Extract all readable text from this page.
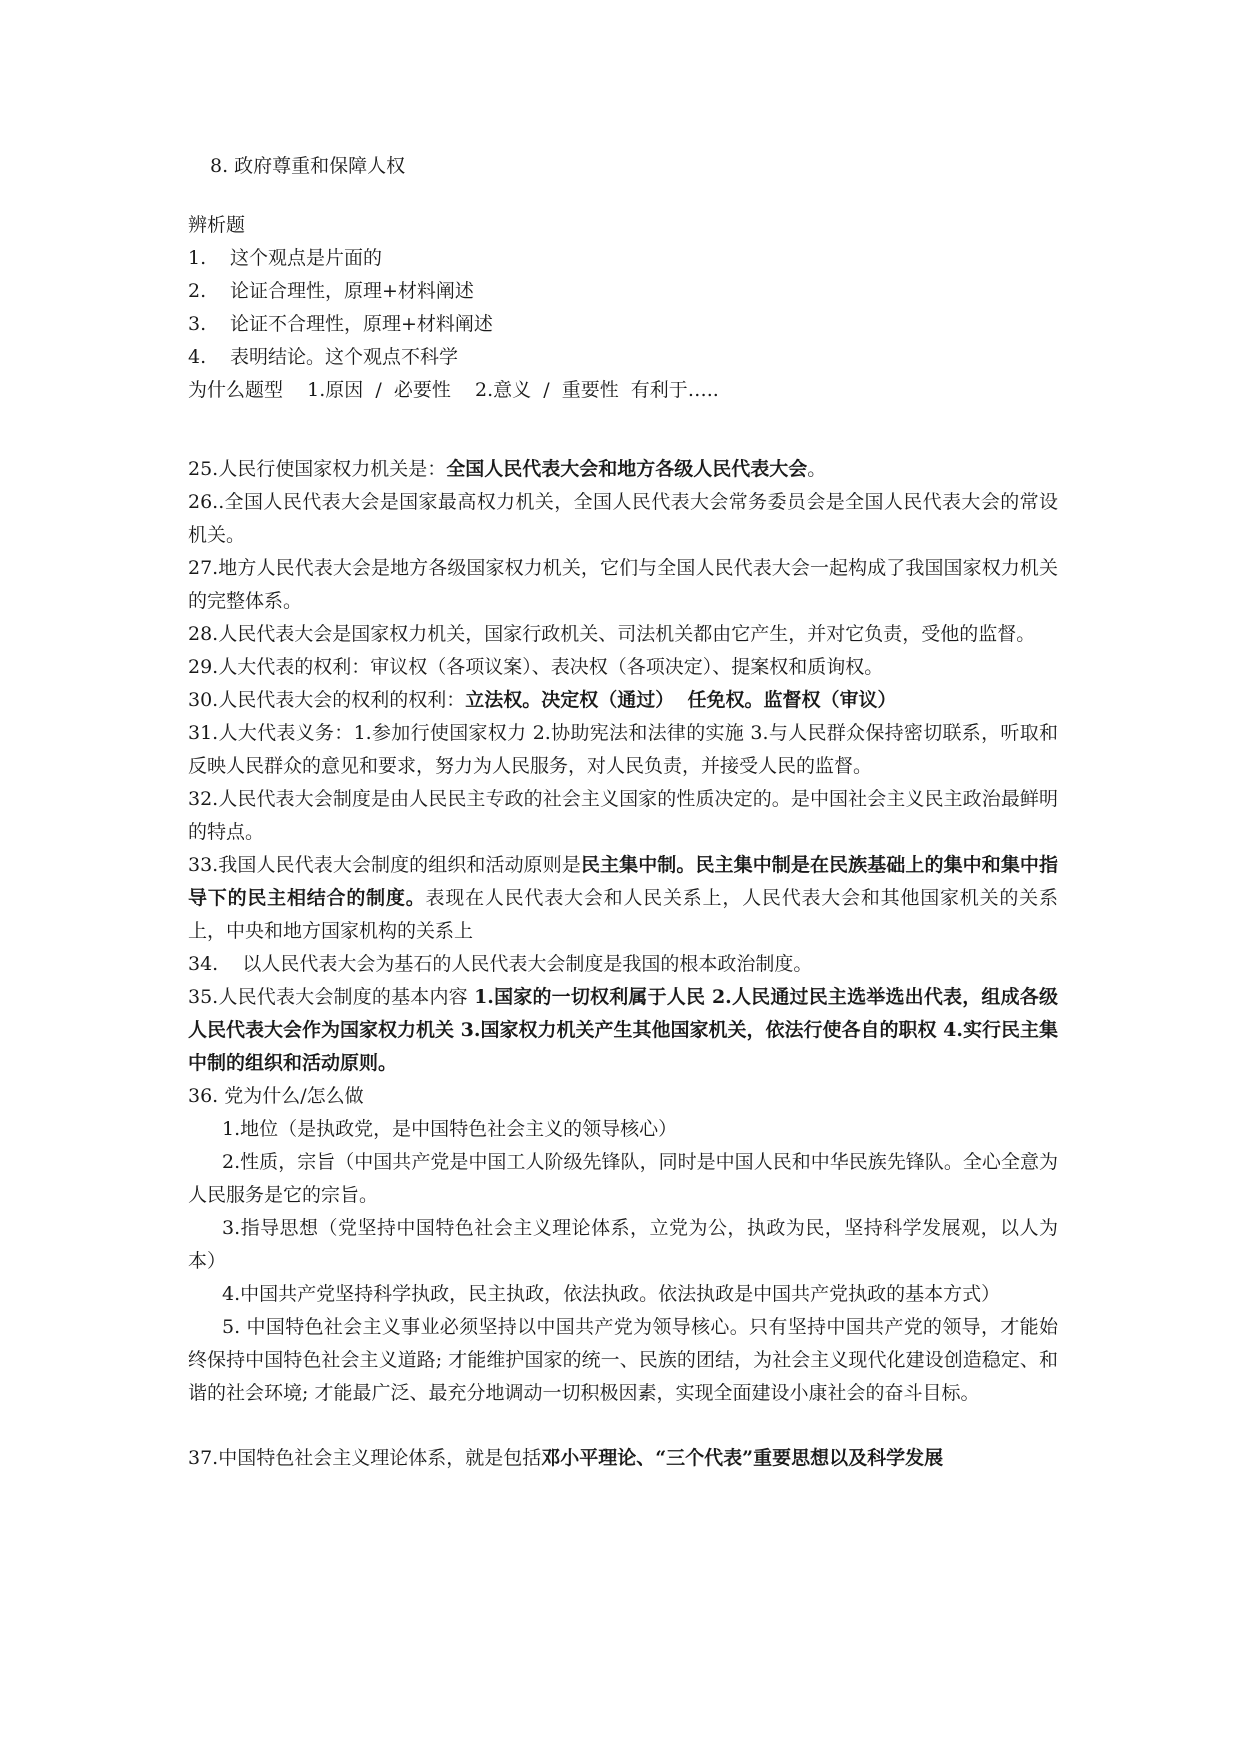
8. 政府尊重和保障人权
辨析题
1. 这个观点是片面的
2. 论证合理性，原理+材料阐述
3. 论证不合理性，原理+材料阐述
4. 表明结论。这个观点不科学
为什么题型    1.原因  /  必要性    2.意义  /  重要性  有利于…..
25.人民行使国家权力机关是：全国人民代表大会和地方各级人民代表大会。
26..全国人民代表大会是国家最高权力机关，全国人民代表大会常务委员会是全国人民代表大会的常设机关。
27.地方人民代表大会是地方各级国家权力机关，它们与全国人民代表大会一起构成了我国国家权力机关的完整体系。
28.人民代表大会是国家权力机关，国家行政机关、司法机关都由它产生，并对它负责，受他的监督。
29.人大代表的权利：审议权（各项议案）、表决权（各项决定）、提案权和质询权。
30.人民代表大会的权利的权利：立法权。决定权（通过）  任免权。监督权（审议）
31.人大代表义务：1.参加行使国家权力 2.协助宪法和法律的实施 3.与人民群众保持密切联系，听取和反映人民群众的意见和要求，努力为人民服务，对人民负责，并接受人民的监督。
32.人民代表大会制度是由人民民主专政的社会主义国家的性质决定的。是中国社会主义民主政治最鲜明的特点。
33.我国人民代表大会制度的组织和活动原则是民主集中制。民主集中制是在民族基础上的集中和集中指导下的民主相结合的制度。表现在人民代表大会和人民关系上，人民代表大会和其他国家机关的关系上，中央和地方国家机构的关系上
34.    以人民代表大会为基石的人民代表大会制度是我国的根本政治制度。
35.人民代表大会制度的基本内容 1.国家的一切权利属于人民 2.人民通过民主选举选出代表，组成各级人民代表大会作为国家权力机关 3.国家权力机关产生其他国家机关，依法行使各自的职权 4.实行民主集中制的组织和活动原则。
36. 党为什么/怎么做
1.地位（是执政党，是中国特色社会主义的领导核心）
2.性质，宗旨（中国共产党是中国工人阶级先锋队，同时是中国人民和中华民族先锋队。全心全意为人民服务是它的宗旨。
3.指导思想（党坚持中国特色社会主义理论体系，立党为公，执政为民，坚持科学发展观，以人为本）
4.中国共产党坚持科学执政，民主执政，依法执政。依法执政是中国共产党执政的基本方式）
5. 中国特色社会主义事业必须坚持以中国共产党为领导核心。只有坚持中国共产党的领导，才能始终保持中国特色社会主义道路; 才能维护国家的统一、民族的团结，为社会主义现代化建设创造稳定、和谐的社会环境; 才能最广泛、最充分地调动一切积极因素，实现全面建设小康社会的奋斗目标。
37.中国特色社会主义理论体系，就是包括邓小平理论、“三个代表”重要思想以及科学发展
